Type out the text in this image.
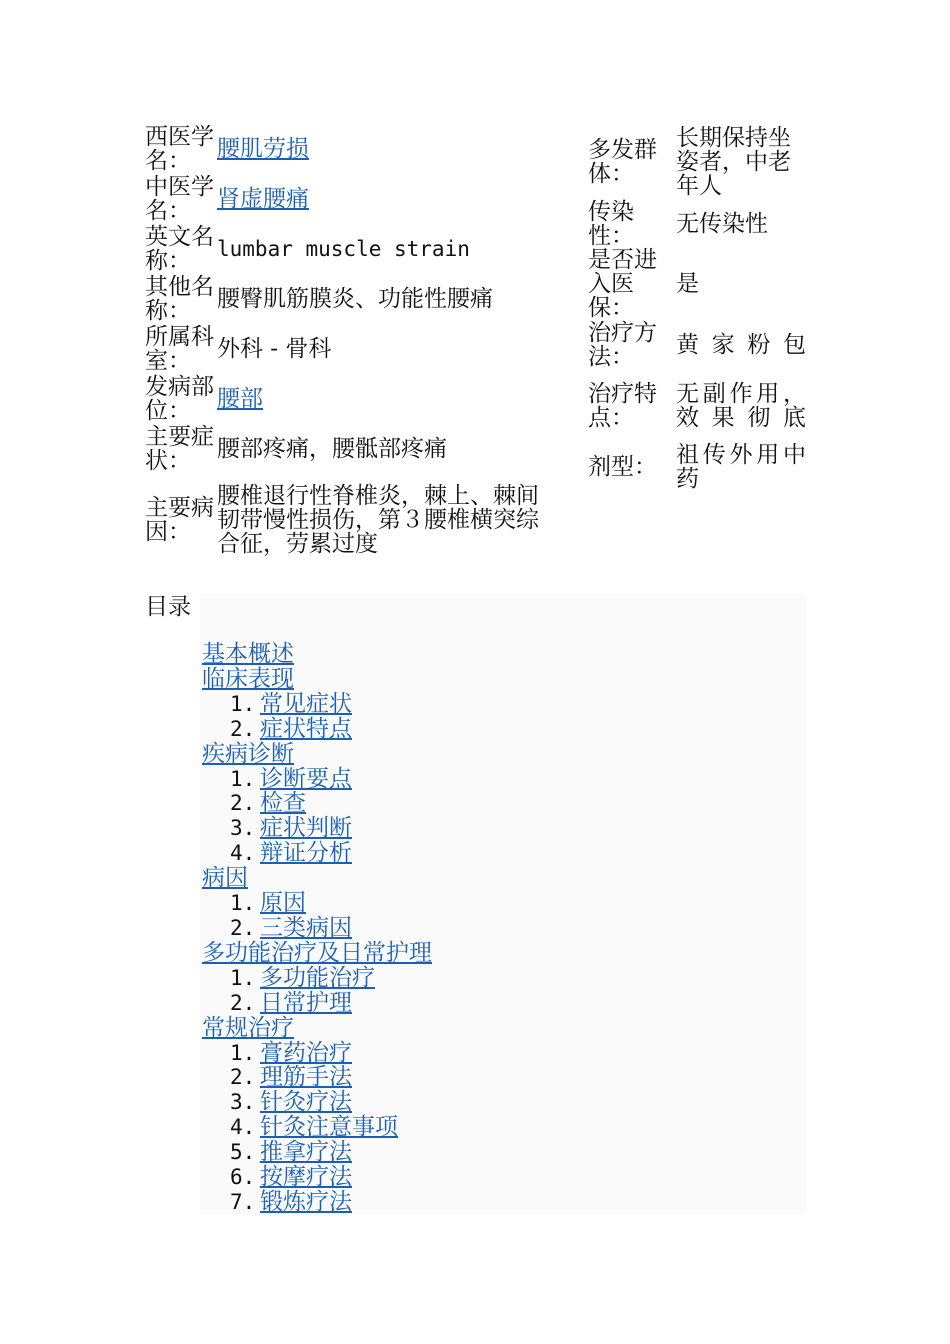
西医学名：	腰肌劳损
中医学名：	肾虚腰痛
英文名称：	lumbar muscle strain
其他名称：	腰臀肌筋膜炎、功能性腰痛
所属科室：	外科 - 骨科
发病部位：	腰部
主要症状：	腰部疼痛，腰骶部疼痛
主要病因：	腰椎退行性脊椎炎，棘上、棘间韧带慢性损伤，第３腰椎横突综合征，劳累过度
多发群体：	长期保持坐姿者，中老年人
传染性：	无传染性
是否进入医保：	是
治疗方法：	黄家粉包
治疗特点：	无副作用，效果彻底
剂型：	祖传外用中药
目录
基本概述
临床表现
1. 常见症状
2. 症状特点
疾病诊断
1. 诊断要点
2. 检查
3. 症状判断
4. 辩证分析
病因
1. 原因
2. 三类病因
多功能治疗及日常护理
1. 多功能治疗
2. 日常护理
常规治疗
1. 膏药治疗
2. 理筋手法
3. 针灸疗法
4. 针灸注意事项
5. 推拿疗法
6. 按摩疗法
7. 锻炼疗法
